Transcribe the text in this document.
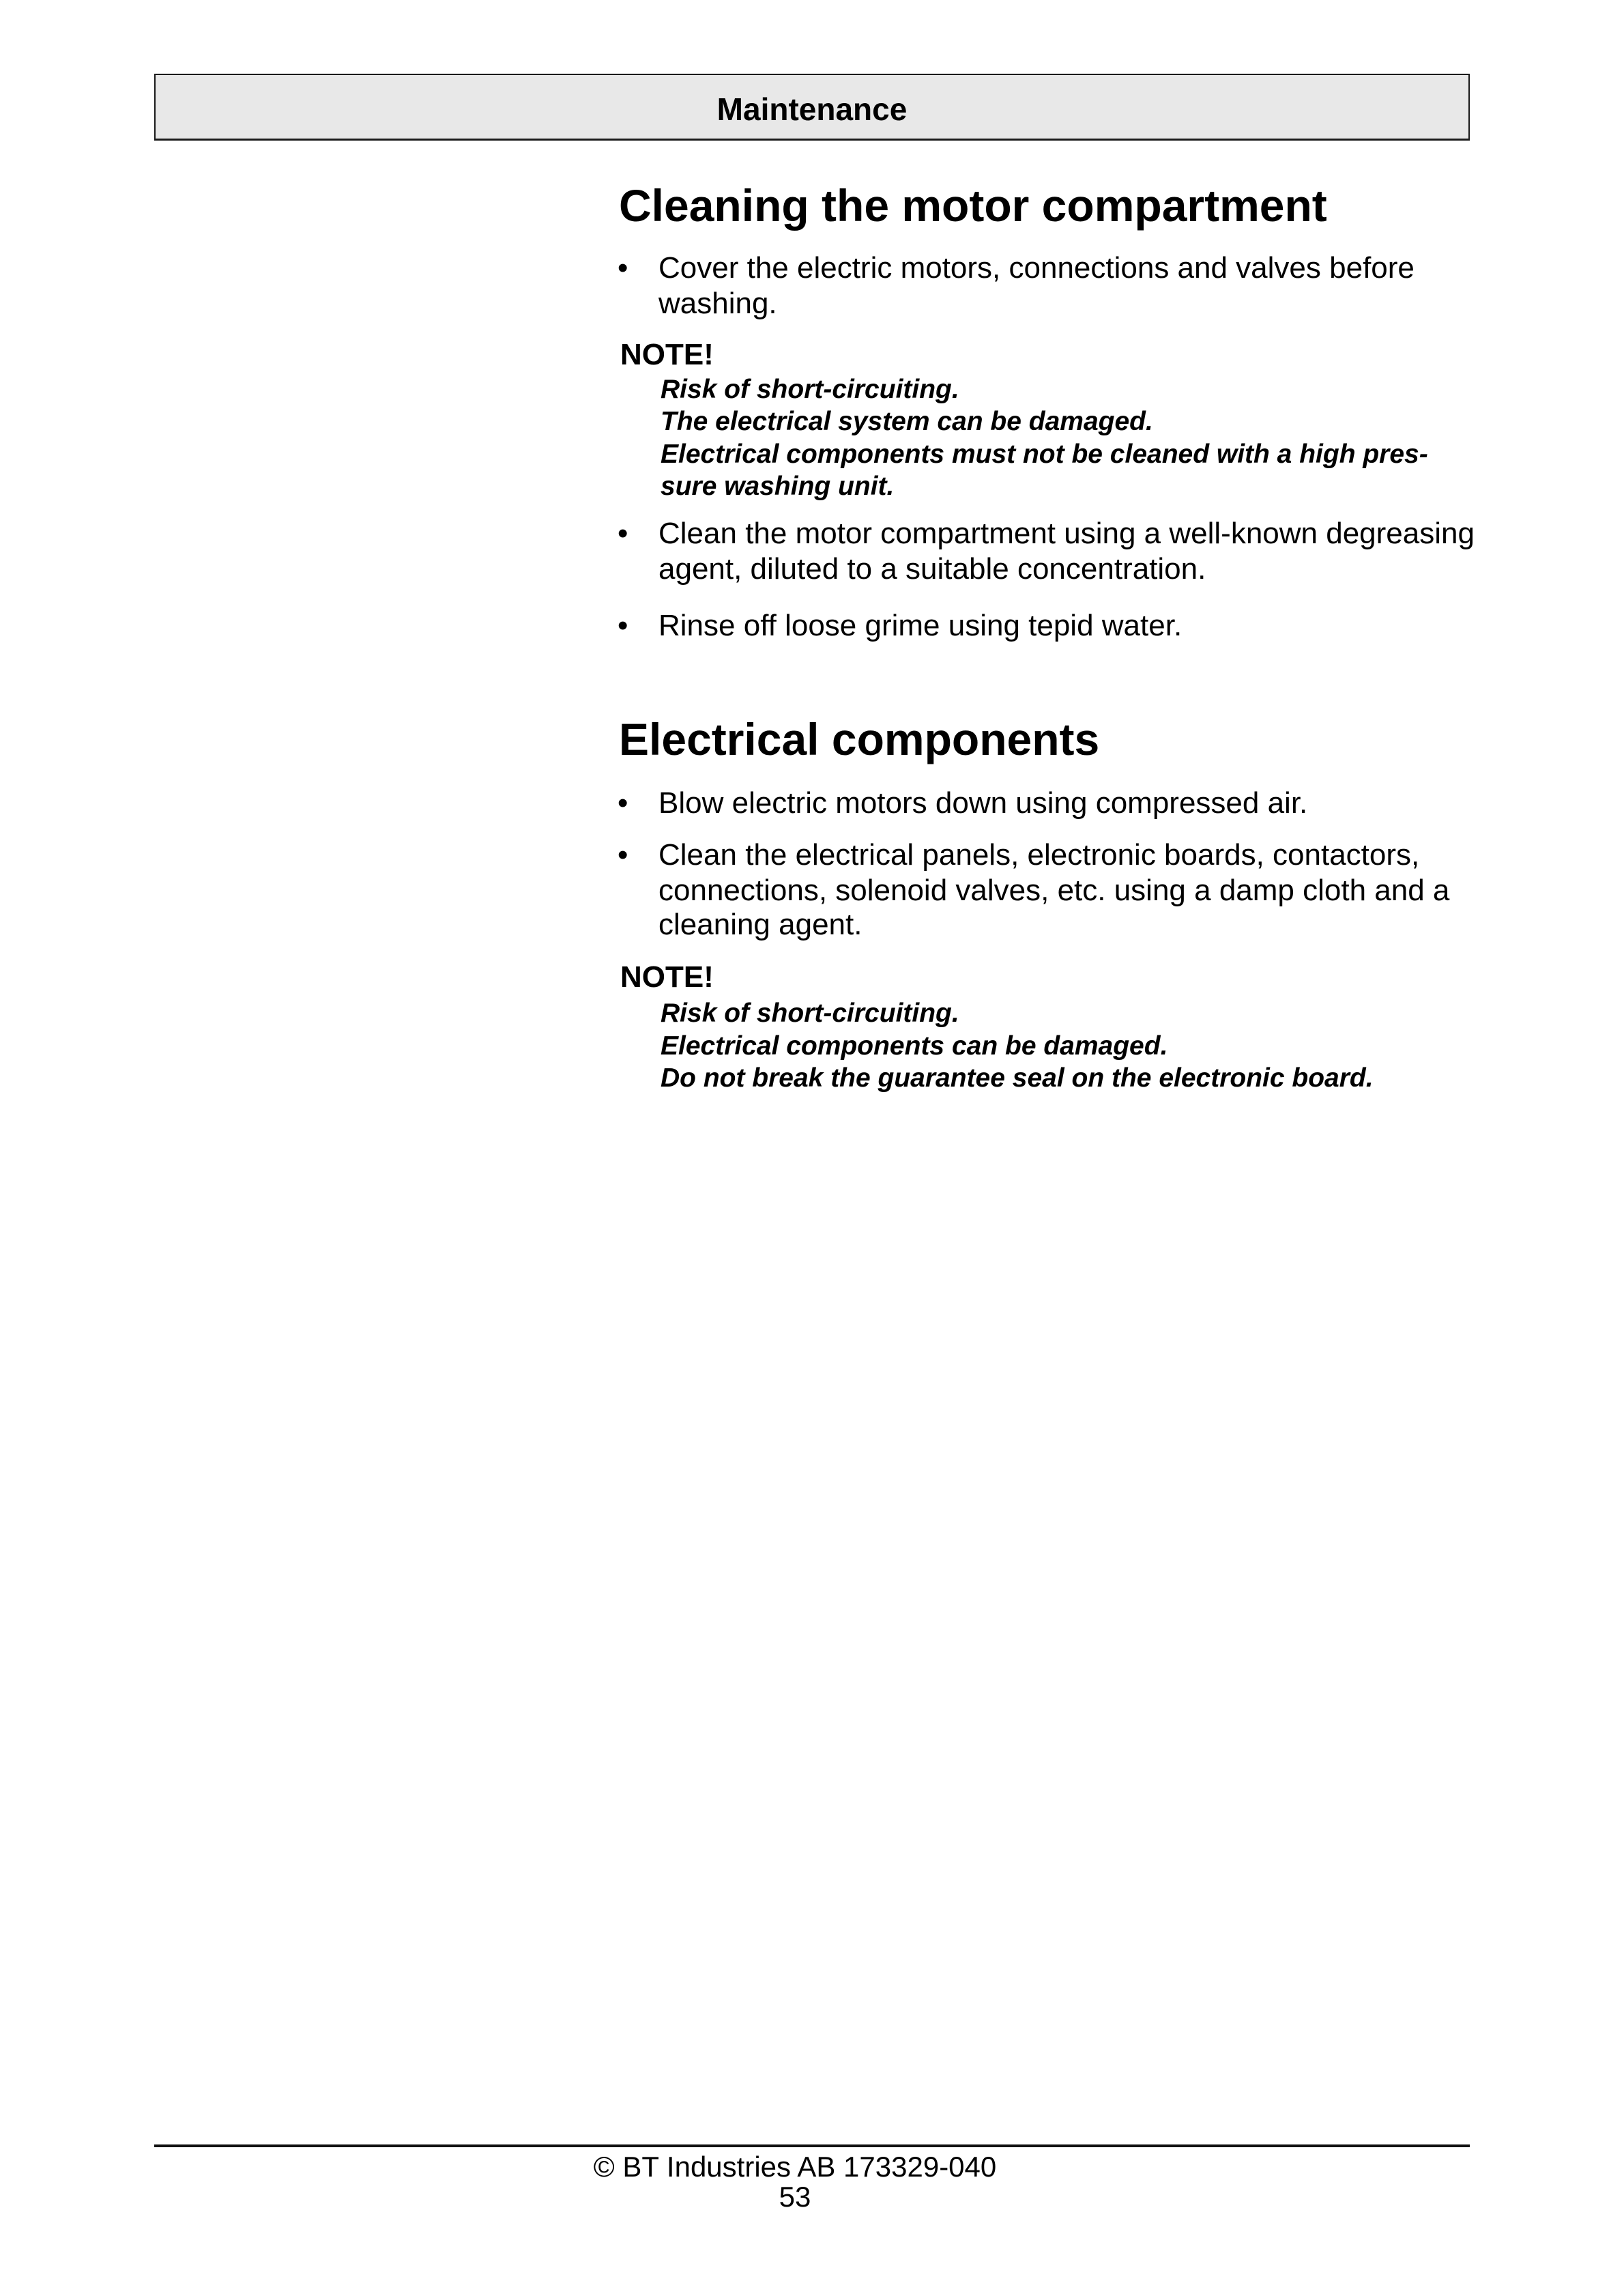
Maintenance
Cleaning the motor compartment
• Cover the electric motors, connections and valves before
washing.
NOTE!
Risk of short-circuiting.
The electrical system can be damaged.
Electrical components must not be cleaned with a high pres-
sure washing unit.
• Clean the motor compartment using a well-known degreasing
agent, diluted to a suitable concentration.
• Rinse off loose grime using tepid water.
Electrical components
• Blow electric motors down using compressed air.
• Clean the electrical panels, electronic boards, contactors,
connections, solenoid valves, etc. using a damp cloth and a
cleaning agent.
NOTE!
Risk of short-circuiting.
Electrical components can be damaged.
Do not break the guarantee seal on the electronic board.
© BT Industries AB 173329-040
53
